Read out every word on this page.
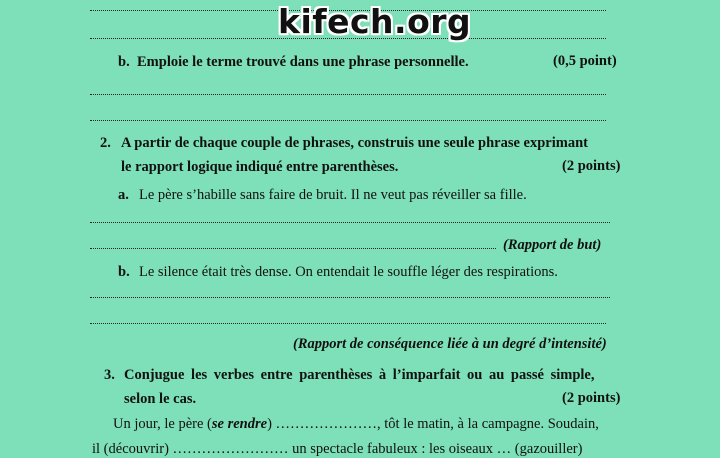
kifech.org
b. Emploie le terme trouvé dans une phrase personnelle.	(0,5 point)
2. A partir de chaque couple de phrases, construis une seule phrase exprimant
le rapport logique indiqué entre parenthèses.	(2 points)
a. Le père s’habille sans faire de bruit. Il ne veut pas réveiller sa fille.
(Rapport de but)
b. Le silence était très dense. On entendait le souffle léger des respirations.
(Rapport de conséquence liée à un degré d’intensité)
3. Conjugue les verbes entre parenthèses à l’imparfait ou au passé simple,
selon le cas.	(2 points)
Un jour, le père (se rendre) …………………, tôt le matin, à la campagne. Soudain,
il (découvrir) …………………… un spectacle fabuleux : les oiseaux … (gazouiller)
